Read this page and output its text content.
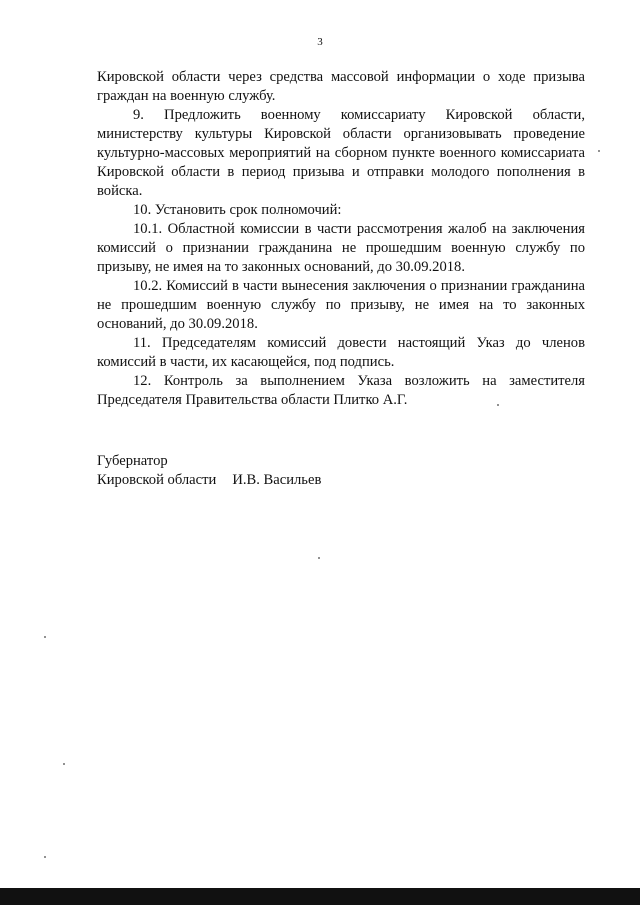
3

Кировской области через средства массовой информации о ходе призыва граждан на военную службу.

9. Предложить военному комиссариату Кировской области, министерству культуры Кировской области организовывать проведение культурно-массовых мероприятий на сборном пункте военного комиссариата Кировской области в период призыва и отправки молодого пополнения в войска.

10. Установить срок полномочий:

10.1. Областной комиссии в части рассмотрения жалоб на заключения комиссий о признании гражданина не прошедшим военную службу по призыву, не имея на то законных оснований, до 30.09.2018.

10.2. Комиссий в части вынесения заключения о признании гражданина не прошедшим военную службу по призыву, не имея на то законных оснований, до 30.09.2018.

11. Председателям комиссий довести настоящий Указ до членов комиссий в части, их касающейся, под подпись.

12. Контроль за выполнением Указа возложить на заместителя Председателя Правительства области Плитко А.Г.

Губернатор
Кировской области И.В. Васильев
